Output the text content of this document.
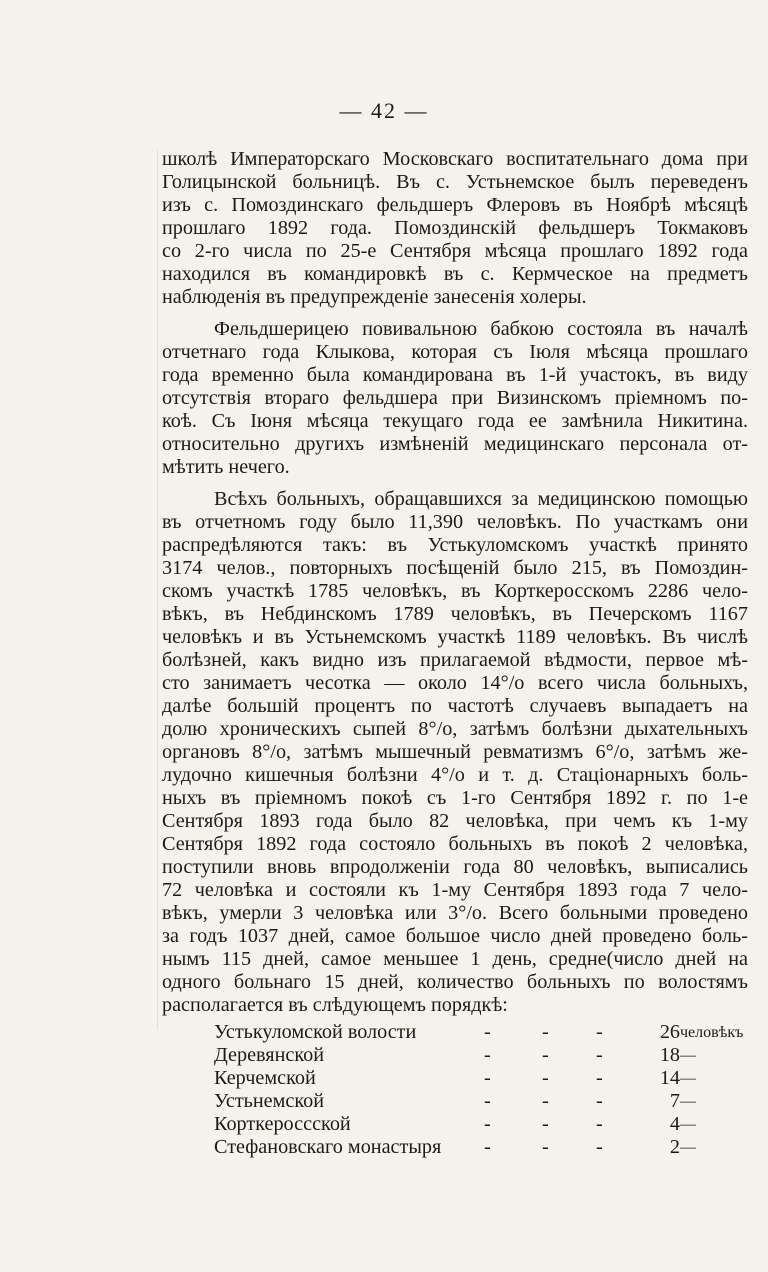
— 42 —
школѣ Императорскаго Московскаго воспитательнаго дома при
Голицынской больницѣ. Въ с. Устьнемское былъ переведенъ
изъ с. Помоздинскаго фельдшеръ Флеровъ въ Ноябрѣ мѣсяцѣ
прошлаго 1892 года. Помоздинскій фельдшеръ Токмаковъ
со 2-го числа по 25-е Сентября мѣсяца прошлаго 1892 года
находился въ командировкѣ въ с. Кермческое на предметъ
наблюденія въ предупрежденіе занесенія холеры.
Фельдшерицею повивальною бабкою состояла въ началѣ
отчетнаго года Клыкова, которая съ Іюля мѣсяца прошлаго
года временно была командирована въ 1-й участокъ, въ виду
отсутствія втораго фельдшера при Визинскомъ пріемномъ по-
коѣ. Съ Іюня мѣсяца текущаго года ее замѣнила Никитина.
относительно другихъ измѣненій медицинскаго персонала от-
мѣтить нечего.
Всѣхъ больныхъ, обращавшихся за медицинскою помощью
въ отчетномъ году было 11,390 человѣкъ. По участкамъ они
распредѣляются такъ: въ Устькуломскомъ участкѣ принято
3174 челов., повторныхъ посѣщеній было 215, въ Помоздин-
скомъ участкѣ 1785 человѣкъ, въ Корткеросскомъ 2286 чело-
вѣкъ, въ Небдинскомъ 1789 человѣкъ, въ Печерскомъ 1167
человѣкъ и въ Устьнемскомъ участкѣ 1189 человѣкъ. Въ числѣ
болѣзней, какъ видно изъ прилагаемой вѣдмости, первое мѣ-
сто занимаетъ чесотка — около 14°/о всего числа больныхъ,
далѣе большій процентъ по частотѣ случаевъ выпадаетъ на
долю хроническихъ сыпей 8°/о, затѣмъ болѣзни дыхательныхъ
органовъ 8°/о, затѣмъ мышечный ревматизмъ 6°/о, затѣмъ же-
лудочно кишечныя болѣзни 4°/о и т. д. Стаціонарныхъ боль-
ныхъ въ пріемномъ покоѣ съ 1-го Сентября 1892 г. по 1-е
Сентября 1893 года было 82 человѣка, при чемъ къ 1-му
Сентября 1892 года состояло больныхъ въ покоѣ 2 человѣка,
поступили вновь впродолженіи года 80 человѣкъ, выписались
72 человѣка и состояли къ 1-му Сентября 1893 года 7 чело-
вѣкъ, умерли 3 человѣка или 3°/о. Всего больными проведено
за годъ 1037 дней, самое большое число дней проведено боль-
нымъ 115 дней, самое меньшее 1 день, средне(число дней на
одного больнаго 15 дней, количество больныхъ по волостямъ
располагается въ слѣдующемъ порядкѣ:
Устькуломской волости	-	- -	26 человѣкъ
Деревянской	-	- -	18 —
Керчемской	-	- -	14 —
Устьнемской	-	- -	7 —
Корткероссской	-	- -	4 —
Стефановскаго монастыря -	- -	2 —
